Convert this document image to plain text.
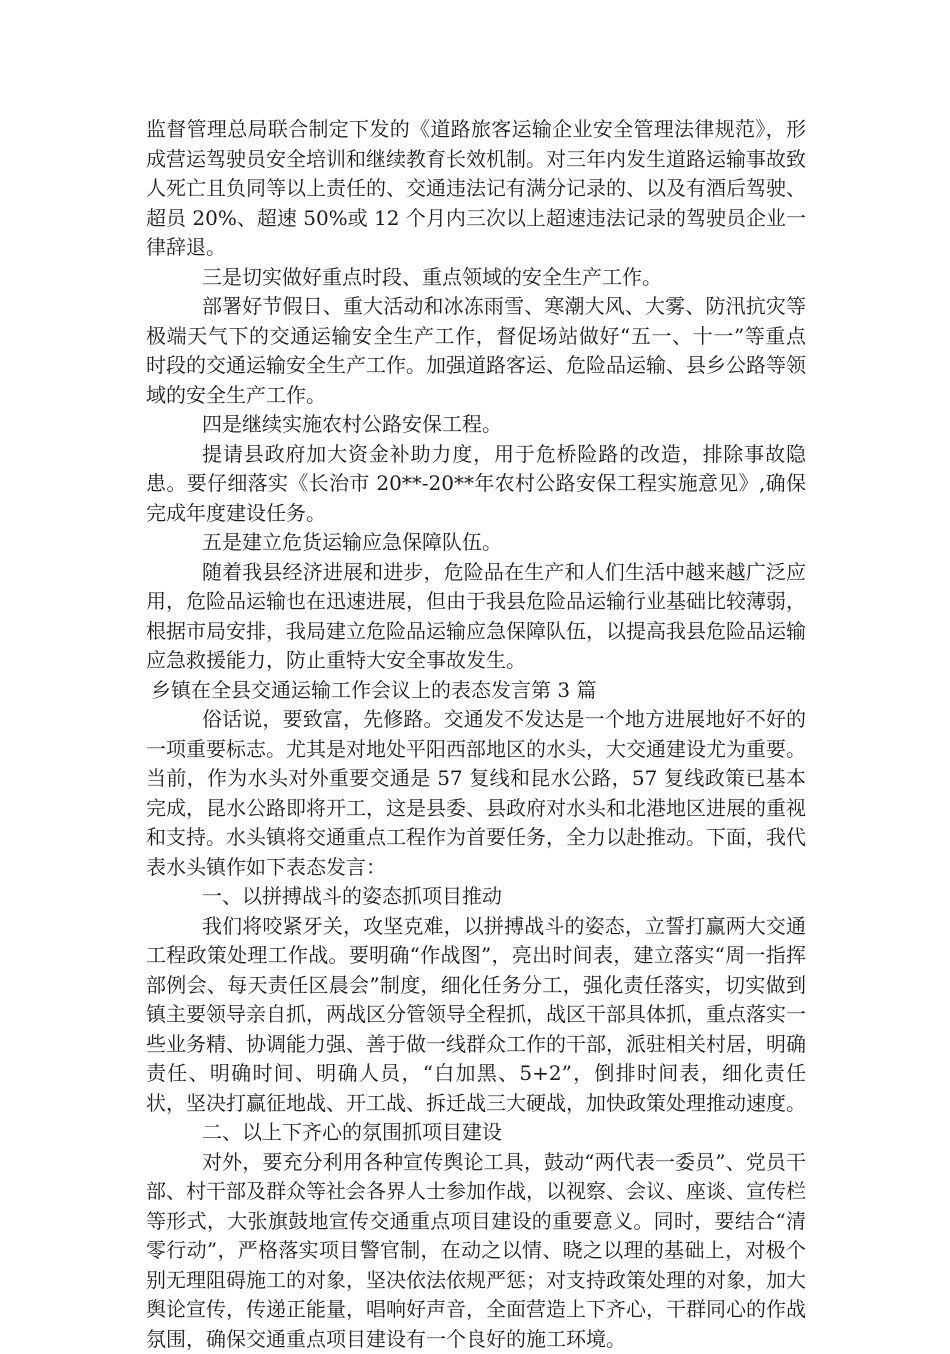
监督管理总局联合制定下发的《道路旅客运输企业安全管理法律规范》，形成营运驾驶员安全培训和继续教育长效机制。对三年内发生道路运输事故致人死亡且负同等以上责任的、交通违法记有满分记录的、以及有酒后驾驶、超员 20%、超速 50%或 12 个月内三次以上超速违法记录的驾驶员企业一律辞退。

三是切实做好重点时段、重点领域的安全生产工作。

部署好节假日、重大活动和冰冻雨雪、寒潮大风、大雾、防汛抗灾等极端天气下的交通运输安全生产工作，督促场站做好“五一、十一”等重点时段的交通运输安全生产工作。加强道路客运、危险品运输、县乡公路等领域的安全生产工作。

四是继续实施农村公路安保工程。

提请县政府加大资金补助力度，用于危桥险路的改造，排除事故隐患。要仔细落实《长治市 20**-20**年农村公路安保工程实施意见》,确保完成年度建设任务。

五是建立危货运输应急保障队伍。

随着我县经济进展和进步，危险品在生产和人们生活中越来越广泛应用，危险品运输也在迅速进展，但由于我县危险品运输行业基础比较薄弱，根据市局安排，我局建立危险品运输应急保障队伍，以提高我县危险品运输应急救援能力，防止重特大安全事故发生。

乡镇在全县交通运输工作会议上的表态发言第 3 篇

俗话说，要致富，先修路。交通发不发达是一个地方进展地好不好的一项重要标志。尤其是对地处平阳西部地区的水头，大交通建设尤为重要。当前，作为水头对外重要交通是 57 复线和昆水公路，57 复线政策已基本完成，昆水公路即将开工，这是县委、县政府对水头和北港地区进展的重视和支持。水头镇将交通重点工程作为首要任务，全力以赴推动。下面，我代表水头镇作如下表态发言：

一、以拼搏战斗的姿态抓项目推动

我们将咬紧牙关，攻坚克难，以拼搏战斗的姿态，立誓打赢两大交通工程政策处理工作战。要明确“作战图”，亮出时间表，建立落实“周一指挥部例会、每天责任区晨会”制度，细化任务分工，强化责任落实，切实做到镇主要领导亲自抓，两战区分管领导全程抓，战区干部具体抓，重点落实一些业务精、协调能力强、善于做一线群众工作的干部，派驻相关村居，明确责任、明确时间、明确人员，“白加黑、5+2”，倒排时间表，细化责任状，坚决打赢征地战、开工战、拆迁战三大硬战，加快政策处理推动速度。

二、以上下齐心的氛围抓项目建设

对外，要充分利用各种宣传舆论工具，鼓动“两代表一委员”、党员干部、村干部及群众等社会各界人士参加作战，以视察、会议、座谈、宣传栏等形式，大张旗鼓地宣传交通重点项目建设的重要意义。同时，要结合“清零行动”，严格落实项目警官制，在动之以情、晓之以理的基础上，对极个别无理阻碍施工的对象，坚决依法依规严惩；对支持政策处理的对象，加大舆论宣传，传递正能量，唱响好声音，全面营造上下齐心，干群同心的作战氛围，确保交通重点项目建设有一个良好的施工环境。
